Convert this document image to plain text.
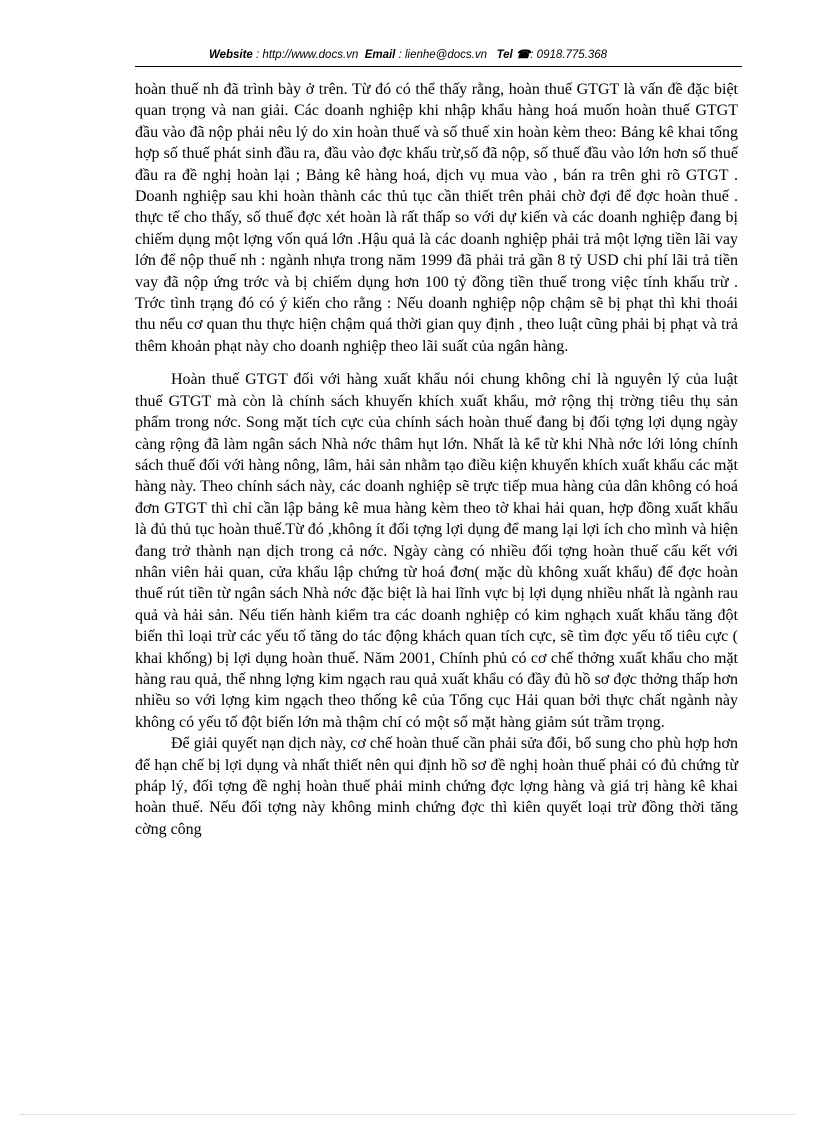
Website : http://www.docs.vn Email : lienhe@docs.vn Tel ☎: 0918.775.368

hoàn thuế nh đã trình bày ở trên. Từ đó có thể thấy rằng, hoàn thuế GTGT là vấn đề đặc biệt quan trọng và nan giải. Các doanh nghiệp khi nhập khẩu hàng hoá muốn hoàn thuế GTGT đầu vào đã nộp phải nêu lý do xin hoàn thuế và số thuế xin hoàn kèm theo: Bảng kê khai tổng hợp số thuế phát sinh đầu ra, đầu vào đợc khấu trừ,số đã nộp, số thuế đầu vào lớn hơn số thuế đầu ra đề nghị hoàn lại ; Bảng kê hàng hoá, dịch vụ mua vào , bán ra trên ghi rõ GTGT . Doanh nghiệp sau khi hoàn thành các thủ tục cần thiết trên phải chờ đợi để đợc hoàn thuế . thực tế cho thấy, số thuế đợc xét hoàn là rất thấp so với dự kiến và các doanh nghiệp đang bị chiếm dụng một lợng vốn quá lớn .Hậu quả là các doanh nghiệp phải trả một lợng tiền lãi vay lớn để nộp thuế nh : ngành nhựa trong năm 1999 đã phải trả gần 8 tỷ USD chi phí lãi trả tiền vay đã nộp ứng trớc và bị chiếm dụng hơn 100 tỷ đồng tiền thuế trong việc tính khấu trừ . Trớc tình trạng đó có ý kiến cho rằng : Nếu doanh nghiệp nộp chậm sẽ bị phạt thì khi thoái thu nếu cơ quan thu thực hiện chậm quá thời gian quy định , theo luật cũng phải bị phạt và trả thêm khoản phạt này cho doanh nghiệp theo lãi suất của ngân hàng.

Hoàn thuế GTGT đối với hàng xuất khẩu nói chung không chỉ là nguyên lý của luật thuế GTGT mà còn là chính sách khuyến khích xuất khẩu, mở rộng thị trờng tiêu thụ sản phẩm trong nớc. Song mặt tích cực của chính sách hoàn thuế đang bị đối tợng lợi dụng ngày càng rộng đã làm ngân sách Nhà nớc thâm hụt lớn. Nhất là kể từ khi Nhà nớc lới lỏng chính sách thuế đối với hàng nông, lâm, hải sản nhằm tạo điều kiện khuyến khích xuất khẩu các mặt hàng này. Theo chính sách này, các doanh nghiệp sẽ trực tiếp mua hàng của dân không có hoá đơn GTGT thì chỉ cần lập bảng kê mua hàng kèm theo tờ khai hải quan, hợp đồng xuất khẩu là đủ thủ tục hoàn thuế.Từ đó ,không ít đối tợng lợi dụng để mang lại lợi ích cho mình và hiện đang trở thành nạn dịch trong cả nớc. Ngày càng có nhiều đối tợng hoàn thuế cấu kết với nhân viên hải quan, cửa khẩu lập chứng từ hoá đơn( mặc dù không xuất khẩu) để đợc hoàn thuế rút tiền từ ngân sách Nhà nớc đặc biệt là hai lĩnh vực bị lợi dụng nhiều nhất là ngành rau quả và hải sản. Nếu tiến hành kiểm tra các doanh nghiệp có kim nghạch xuất khẩu tăng đột biến thì loại trừ các yếu tố tăng do tác động khách quan tích cực, sẽ tìm đợc yếu tố tiêu cực ( khai khống) bị lợi dụng hoàn thuế. Năm 2001, Chính phủ có cơ chế thởng xuất khẩu cho mặt hàng rau quả, thế nhng lợng kim ngạch rau quả xuất khẩu có đầy đủ hồ sơ đợc thởng thấp hơn nhiều so với lợng kim ngạch theo thống kê của Tổng cục Hải quan bởi thực chất ngành này không có yếu tố đột biến lớn mà thậm chí có một số mặt hàng giảm sút trầm trọng.

Để giải quyết nạn dịch này, cơ chế hoàn thuế cần phải sửa đổi, bổ sung cho phù hợp hơn để hạn chế bị lợi dụng và nhất thiết nên qui định hồ sơ đề nghị hoàn thuế phải có đủ chứng từ pháp lý, đối tợng đề nghị hoàn thuế phải minh chứng đợc lợng hàng và giá trị hàng kê khai hoàn thuế. Nếu đối tợng này không minh chứng đợc thì kiên quyết loại trừ đồng thời tăng cờng công
